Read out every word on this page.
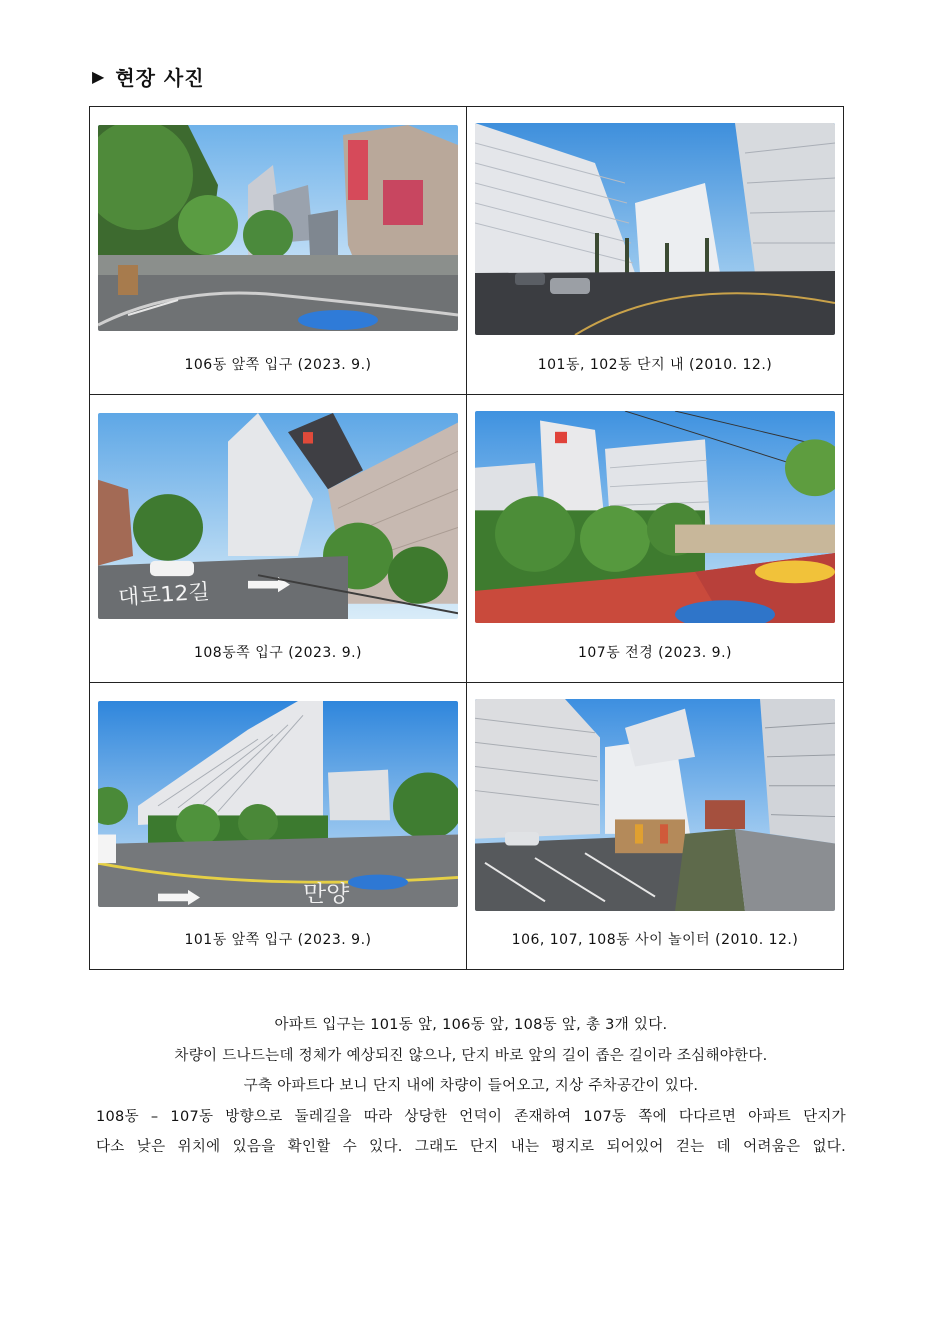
▶ 현장 사진
106동 앞쪽 입구 (2023. 9.)	101동, 102동 단지 내 (2010. 12.)

대로12길
108동쪽 입구 (2023. 9.)	107동 전경 (2023. 9.)

만양
101동 앞쪽 입구 (2023. 9.)	106, 107, 108동 사이 놀이터 (2010. 12.)

아파트 입구는 101동 앞, 106동 앞, 108동 앞, 총 3개 있다.

차량이 드나드는데 정체가 예상되진 않으나, 단지 바로 앞의 길이 좁은 길이라 조심해야한다.

구축 아파트다 보니 단지 내에 차량이 들어오고, 지상 주차공간이 있다.

108동 – 107동 방향으로 둘레길을 따라 상당한 언덕이 존재하여 107동 쪽에 다다르면 아파트 단지가

다소 낮은 위치에 있음을 확인할 수 있다. 그래도 단지 내는 평지로 되어있어 걷는 데 어려움은 없다.
